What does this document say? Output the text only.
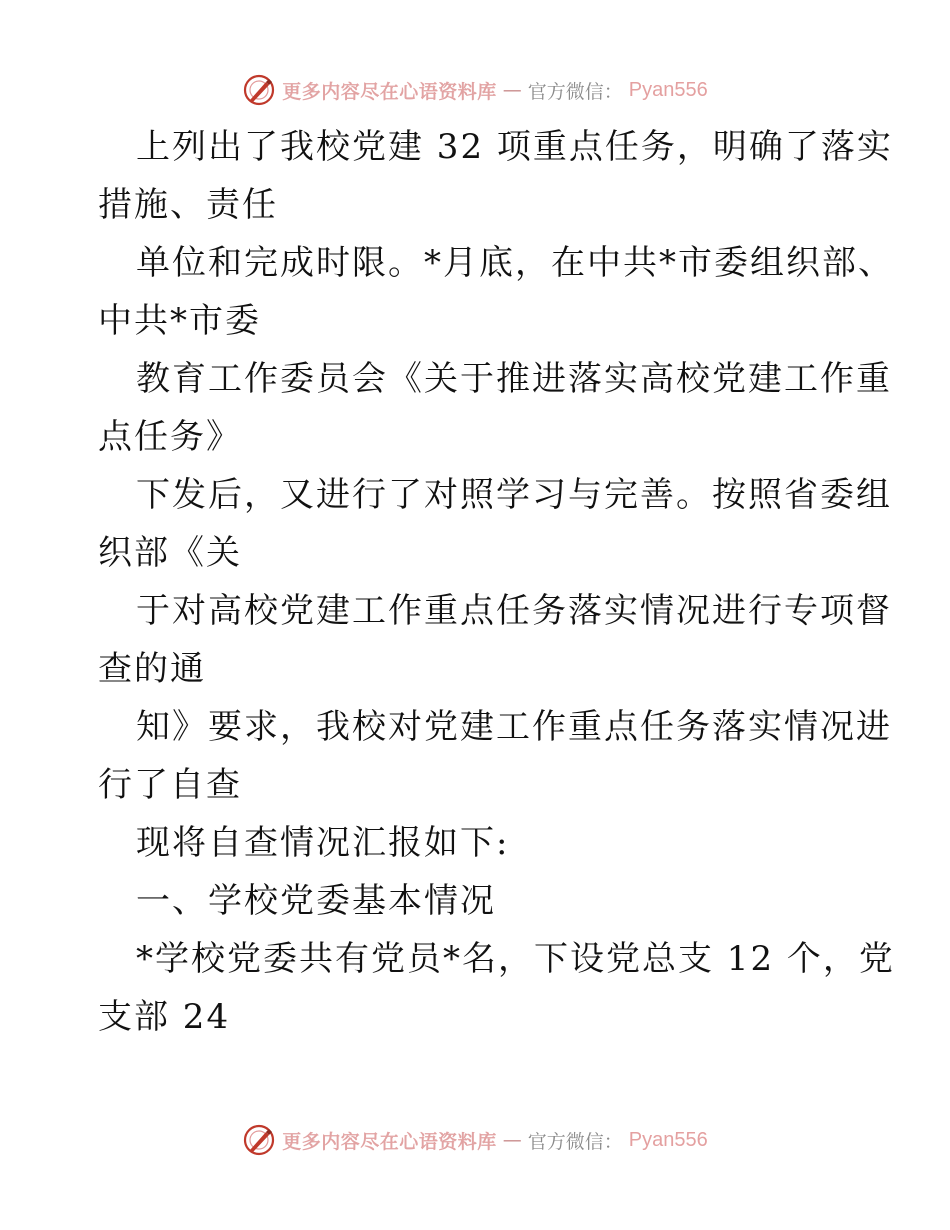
更多内容尽在心语资料库 — 官方微信： Pyan556
上列出了我校党建 32 项重点任务，明确了落实
措施、责任
单位和完成时限。*月底，在中共*市委组织部、
中共*市委
教育工作委员会《关于推进落实高校党建工作重
点任务》
下发后，又进行了对照学习与完善。按照省委组
织部《关
于对高校党建工作重点任务落实情况进行专项督
查的通
知》要求，我校对党建工作重点任务落实情况进
行了自查
现将自查情况汇报如下:
一、学校党委基本情况
*学校党委共有党员*名，下设党总支 12 个，党
支部 24
更多内容尽在心语资料库 — 官方微信： Pyan556
